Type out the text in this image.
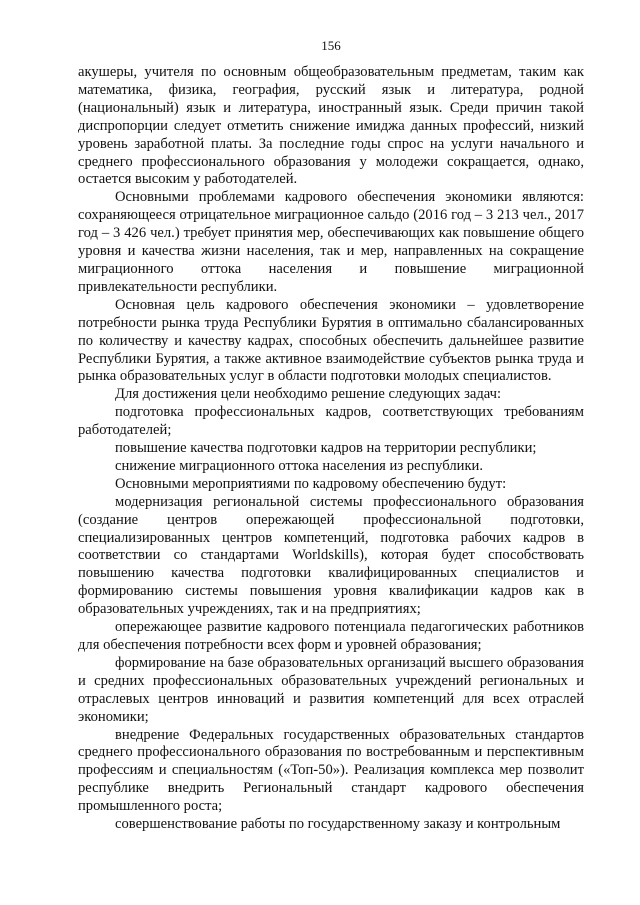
156

акушеры, учителя по основным общеобразовательным предметам, таким как математика, физика, география, русский язык и литература, родной (национальный) язык и литература, иностранный язык. Среди причин такой диспропорции следует отметить снижение имиджа данных профессий, низкий уровень заработной платы. За последние годы спрос на услуги начального и среднего профессионального образования у молодежи сокращается, однако, остается высоким у работодателей.

Основными проблемами кадрового обеспечения экономики являются: сохраняющееся отрицательное миграционное сальдо (2016 год – 3 213 чел., 2017 год – 3 426 чел.) требует принятия мер, обеспечивающих как повышение общего уровня и качества жизни населения, так и мер, направленных на сокращение миграционного оттока населения и повышение миграционной привлекательности республики.

Основная цель кадрового обеспечения экономики – удовлетворение потребности рынка труда Республики Бурятия в оптимально сбалансированных по количеству и качеству кадрах, способных обеспечить дальнейшее развитие Республики Бурятия, а также активное взаимодействие субъектов рынка труда и рынка образовательных услуг в области подготовки молодых специалистов.

Для достижения цели необходимо решение следующих задач:

подготовка профессиональных кадров, соответствующих требованиям работодателей;

повышение качества подготовки кадров на территории республики;

снижение миграционного оттока населения из республики.

Основными мероприятиями по кадровому обеспечению будут:

модернизация региональной системы профессионального образования (создание центров опережающей профессиональной подготовки, специализированных центров компетенций, подготовка рабочих кадров в соответствии со стандартами Worldskills), которая будет способствовать повышению качества подготовки квалифицированных специалистов и формированию системы повышения уровня квалификации кадров как в образовательных учреждениях, так и на предприятиях;

опережающее развитие кадрового потенциала педагогических работников для обеспечения потребности всех форм и уровней образования;

формирование на базе образовательных организаций высшего образования и средних профессиональных образовательных учреждений региональных и отраслевых центров инноваций и развития компетенций для всех отраслей экономики;

внедрение Федеральных государственных образовательных стандартов среднего профессионального образования по востребованным и перспективным профессиям и специальностям («Топ-50»). Реализация комплекса мер позволит республике внедрить Региональный стандарт кадрового обеспечения промышленного роста;

совершенствование работы по государственному заказу и контрольным
